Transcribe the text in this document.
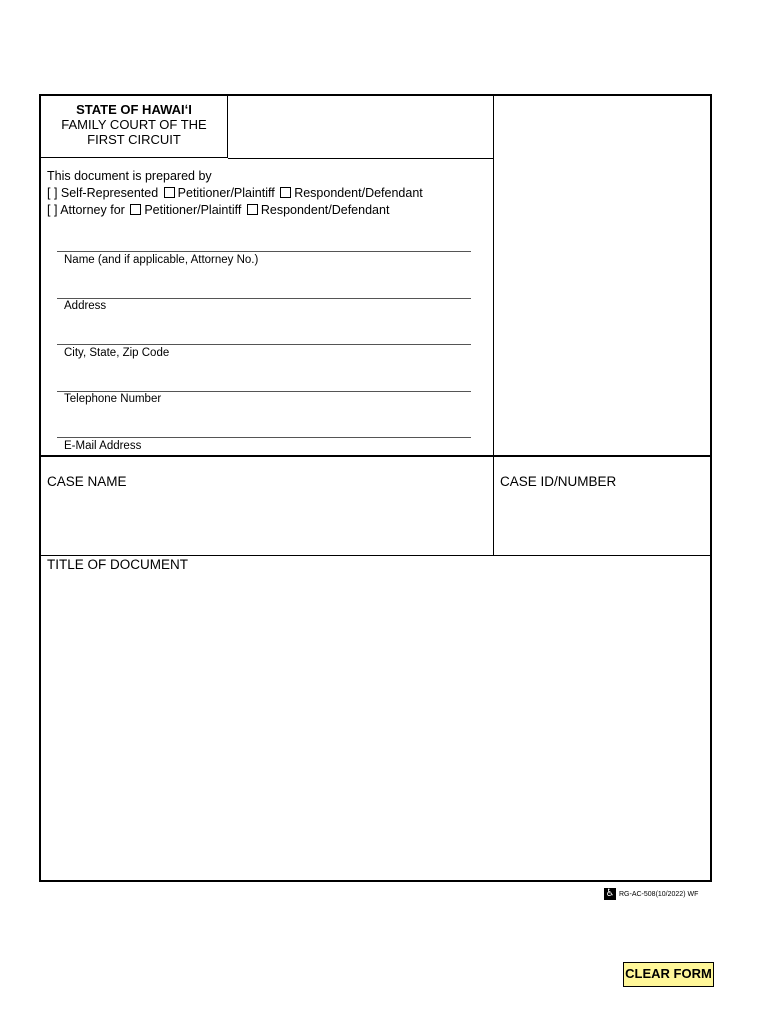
STATE OF HAWAIʻI
FAMILY COURT OF THE
FIRST CIRCUIT
This document is prepared by
[ ] Self-Represented Petitioner/Plaintiff Respondent/Defendant
[ ] Attorney for Petitioner/Plaintiff Respondent/Defendant
Name (and if applicable, Attorney No.)
Address
City, State, Zip Code
Telephone Number
E-Mail Address
CASE NAME	CASE ID/NUMBER
TITLE OF DOCUMENT
♿ RG-AC-508(10/2022) WF
CLEAR FORM
